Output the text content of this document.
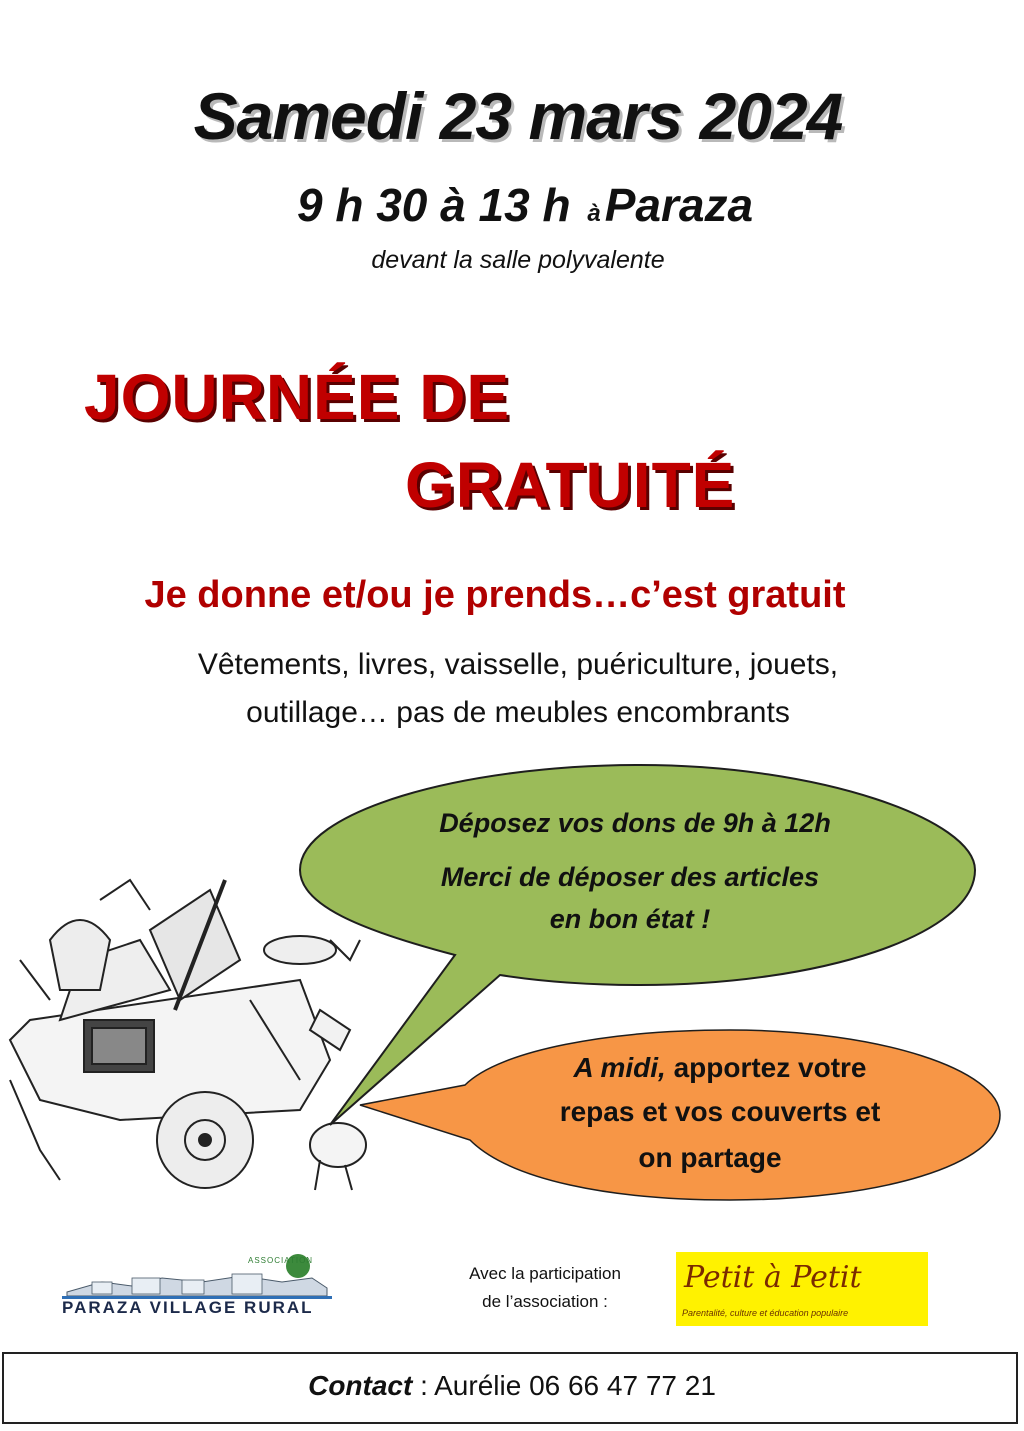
Samedi 23 mars 2024
9 h 30 à 13 h àParaza
devant la salle polyvalente
JOURNÉE DE
GRATUITÉ
Je donne et/ou je prends…c’est gratuit
Vêtements, livres, vaisselle, puériculture, jouets,
outillage… pas de meubles encombrants
Déposez vos dons de 9h à 12h
Merci de déposer des articles
en bon état !
A midi, apportez votre
repas et vos couverts et
on partage
ASSOCIATION
PARAZA VILLAGE RURAL
Avec la participation
de l’association :
Petit à Petit
Parentalité, culture et éducation populaire
Contact : Aurélie 06 66 47 77 21
